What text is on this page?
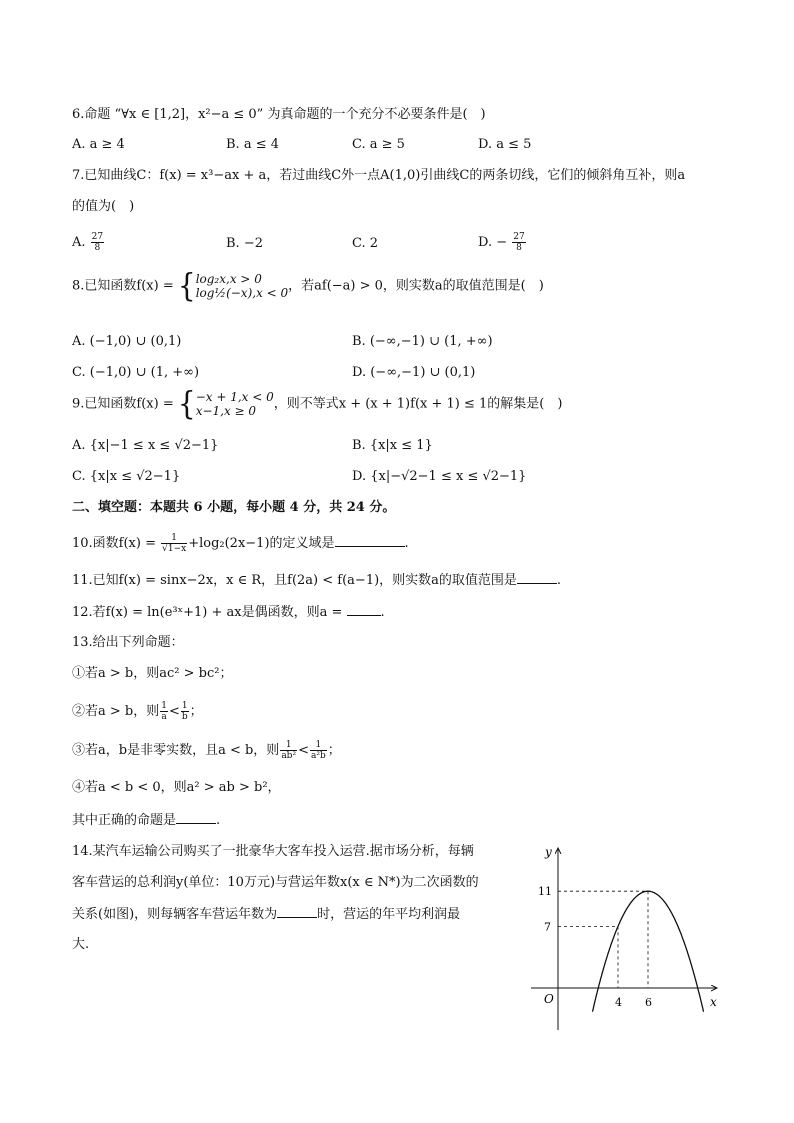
6.命题 “∀x ∈ [1,2]，x²−a ≤ 0” 为真命题的一个充分不必要条件是(　)
A. a ≥ 4	B. a ≤ 4	C. a ≥ 5	D. a ≤ 5
7.已知曲线C：f(x) = x³−ax + a，若过曲线C外一点A(1,0)引曲线C的两条切线，它们的倾斜角互补，则a
的值为(　)
A. $\frac{27}{8}$	B. −2	C. 2	D. − $\frac{27}{8}$
8.已知函数f(x) = { log₂x,x > 0
log½(−x),x < 0 ，若af(−a) > 0，则实数a的取值范围是(　)
A. (−1,0) ∪ (0,1)	B. (−∞,−1) ∪ (1, +∞)
C. (−1,0) ∪ (1, +∞)	D. (−∞,−1) ∪ (0,1)
9.已知函数f(x) = { −x + 1,x < 0
x−1,x ≥ 0	，则不等式x + (x + 1)f(x + 1) ≤ 1的解集是(　)
A. {x|−1 ≤ x ≤ √2−1}	B. {x|x ≤ 1}
C. {x|x ≤ √2−1}	D. {x|−√2−1 ≤ x ≤ √2−1}
二、填空题：本题共 6 小题，每小题 4 分，共 24 分。
10.函数$f(x) = \frac{1}{√1-x} +\log_2(2x-1)$的定义域是	.
11.已知f(x) = sinx−2x，x ∈ R，且f(2a) < f(a−1)，则实数a的取值范围是	.
12.若f(x) = ln(e³ˣ+1) + ax是偶函数，则a =	.
13.给出下列命题：
①若a > b，则ac² > bc²；
②若a > b，则 $\frac{1}{a} < \frac{1}{b}$ ；
③若a，b是非零实数，且a < b，则 $\frac{1}{\text{ab²}} < \frac{1}{\text{a²b}}$ ；
④若a < b < 0，则a² > ab > b²，
其中正确的命题是	.
14.某汽车运输公司购买了一批豪华大客车投入运营.据市场分析，每辆
客车营运的总利润y(单位：10万元)与营运年数x(x ∈ N*)为二次函数的
关系(如图)，则每辆客车营运年数为	时，营运的年平均利润最
大.
y
x
O
11
7
4 6
